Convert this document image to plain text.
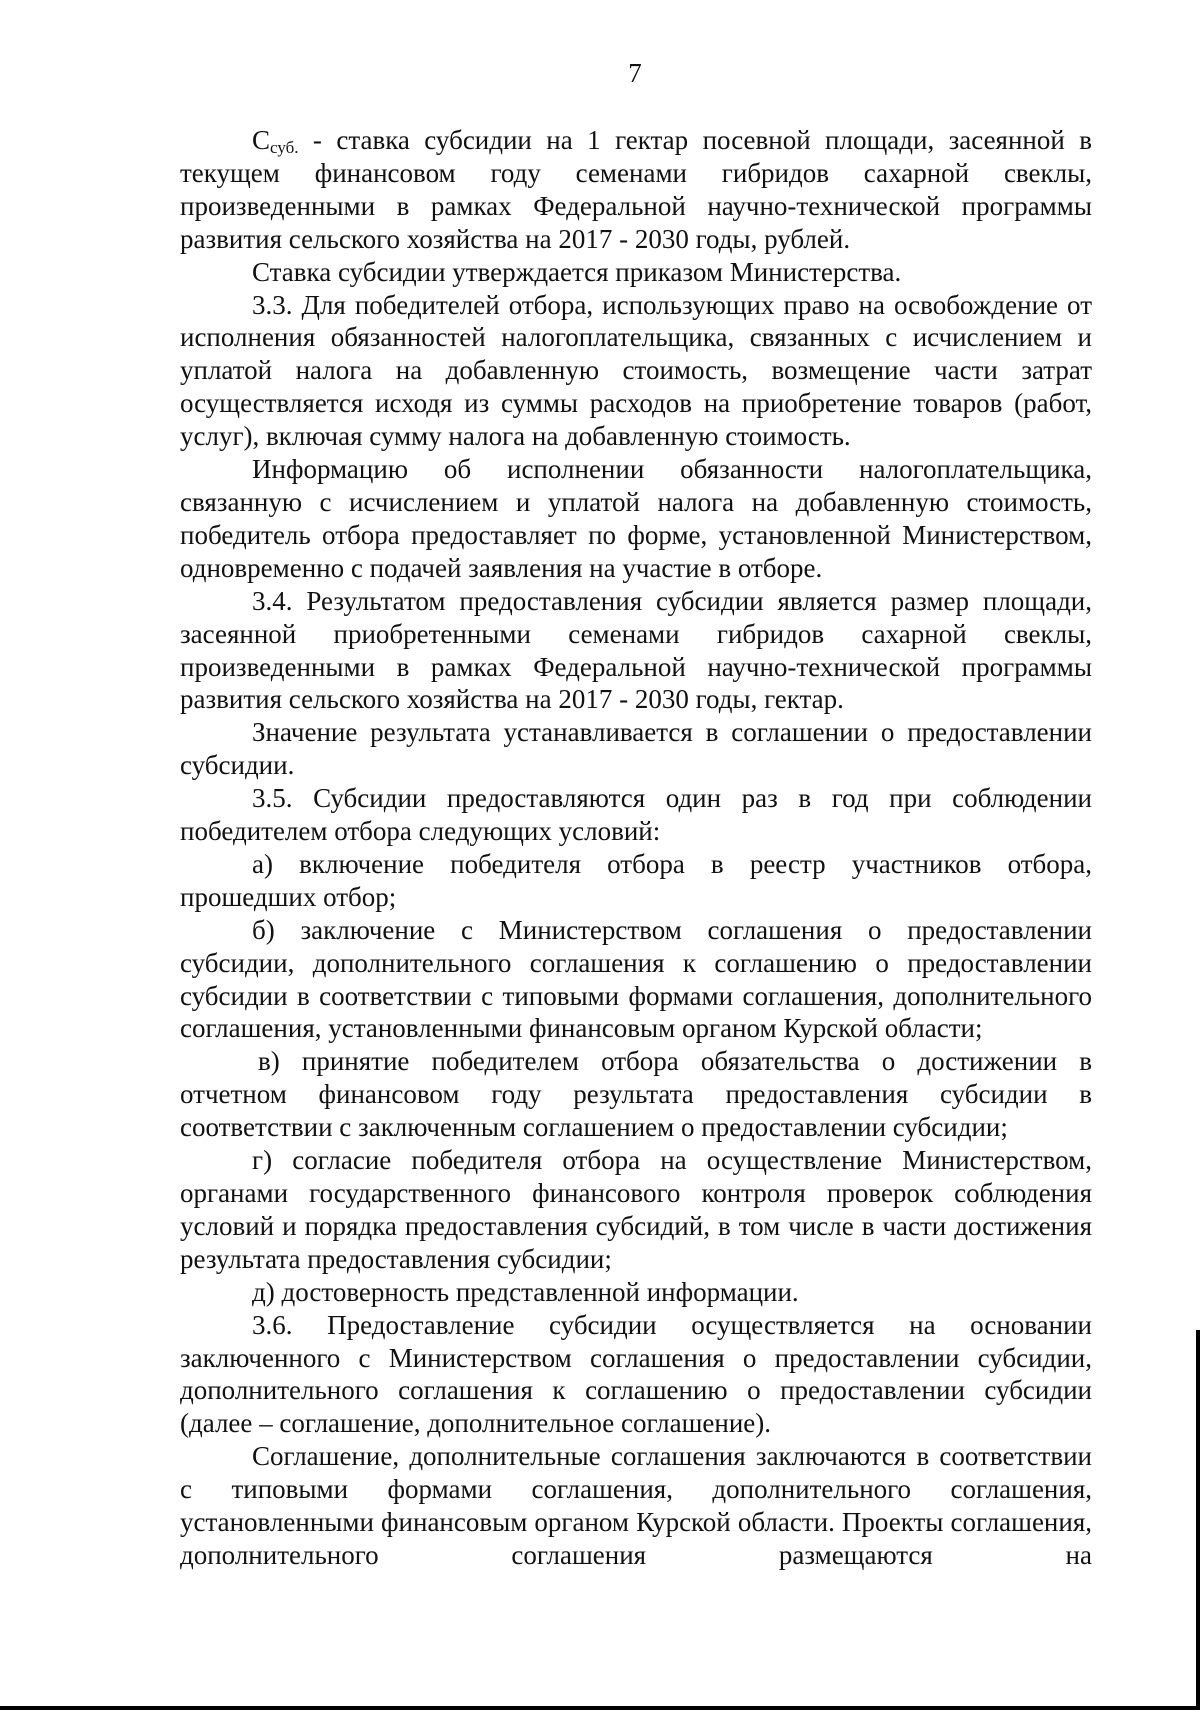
7

$С_{суб.}$ - ставка субсидии на 1 гектар посевной площади, засеянной в текущем финансовом году семенами гибридов сахарной свеклы, произведенными в рамках Федеральной научно-технической программы развития сельского хозяйства на 2017 - 2030 годы, рублей.

Ставка субсидии утверждается приказом Министерства.

3.3. Для победителей отбора, использующих право на освобождение от исполнения обязанностей налогоплательщика, связанных с исчислением и уплатой налога на добавленную стоимость, возмещение части затрат осуществляется исходя из суммы расходов на приобретение товаров (работ, услуг), включая сумму налога на добавленную стоимость.

Информацию об исполнении обязанности налогоплательщика, связанную с исчислением и уплатой налога на добавленную стоимость, победитель отбора предоставляет по форме, установленной Министерством, одновременно с подачей заявления на участие в отборе.

3.4. Результатом предоставления субсидии является размер площади, засеянной приобретенными семенами гибридов сахарной свеклы, произведенными в рамках Федеральной научно-технической программы развития сельского хозяйства на 2017 - 2030 годы, гектар.

Значение результата устанавливается в соглашении о предоставлении субсидии.

3.5. Субсидии предоставляются один раз в год при соблюдении победителем отбора следующих условий:

а) включение победителя отбора в реестр участников отбора, прошедших отбор;

б) заключение с Министерством соглашения о предоставлении субсидии, дополнительного соглашения к соглашению о предоставлении субсидии в соответствии с типовыми формами соглашения, дополнительного соглашения, установленными финансовым органом Курской области;

в) принятие победителем отбора обязательства о достижении в отчетном финансовом году результата предоставления субсидии в соответствии с заключенным соглашением о предоставлении субсидии;

г) согласие победителя отбора на осуществление Министерством, органами государственного финансового контроля проверок соблюдения условий и порядка предоставления субсидий, в том числе в части достижения результата предоставления субсидии;

д) достоверность представленной информации.

3.6. Предоставление субсидии осуществляется на основании заключенного с Министерством соглашения о предоставлении субсидии, дополнительного соглашения к соглашению о предоставлении субсидии (далее – соглашение, дополнительное соглашение).

Соглашение, дополнительные соглашения заключаются в соответствии с типовыми формами соглашения, дополнительного соглашения, установленными финансовым органом Курской области. Проекты соглашения, дополнительного соглашения размещаются на
